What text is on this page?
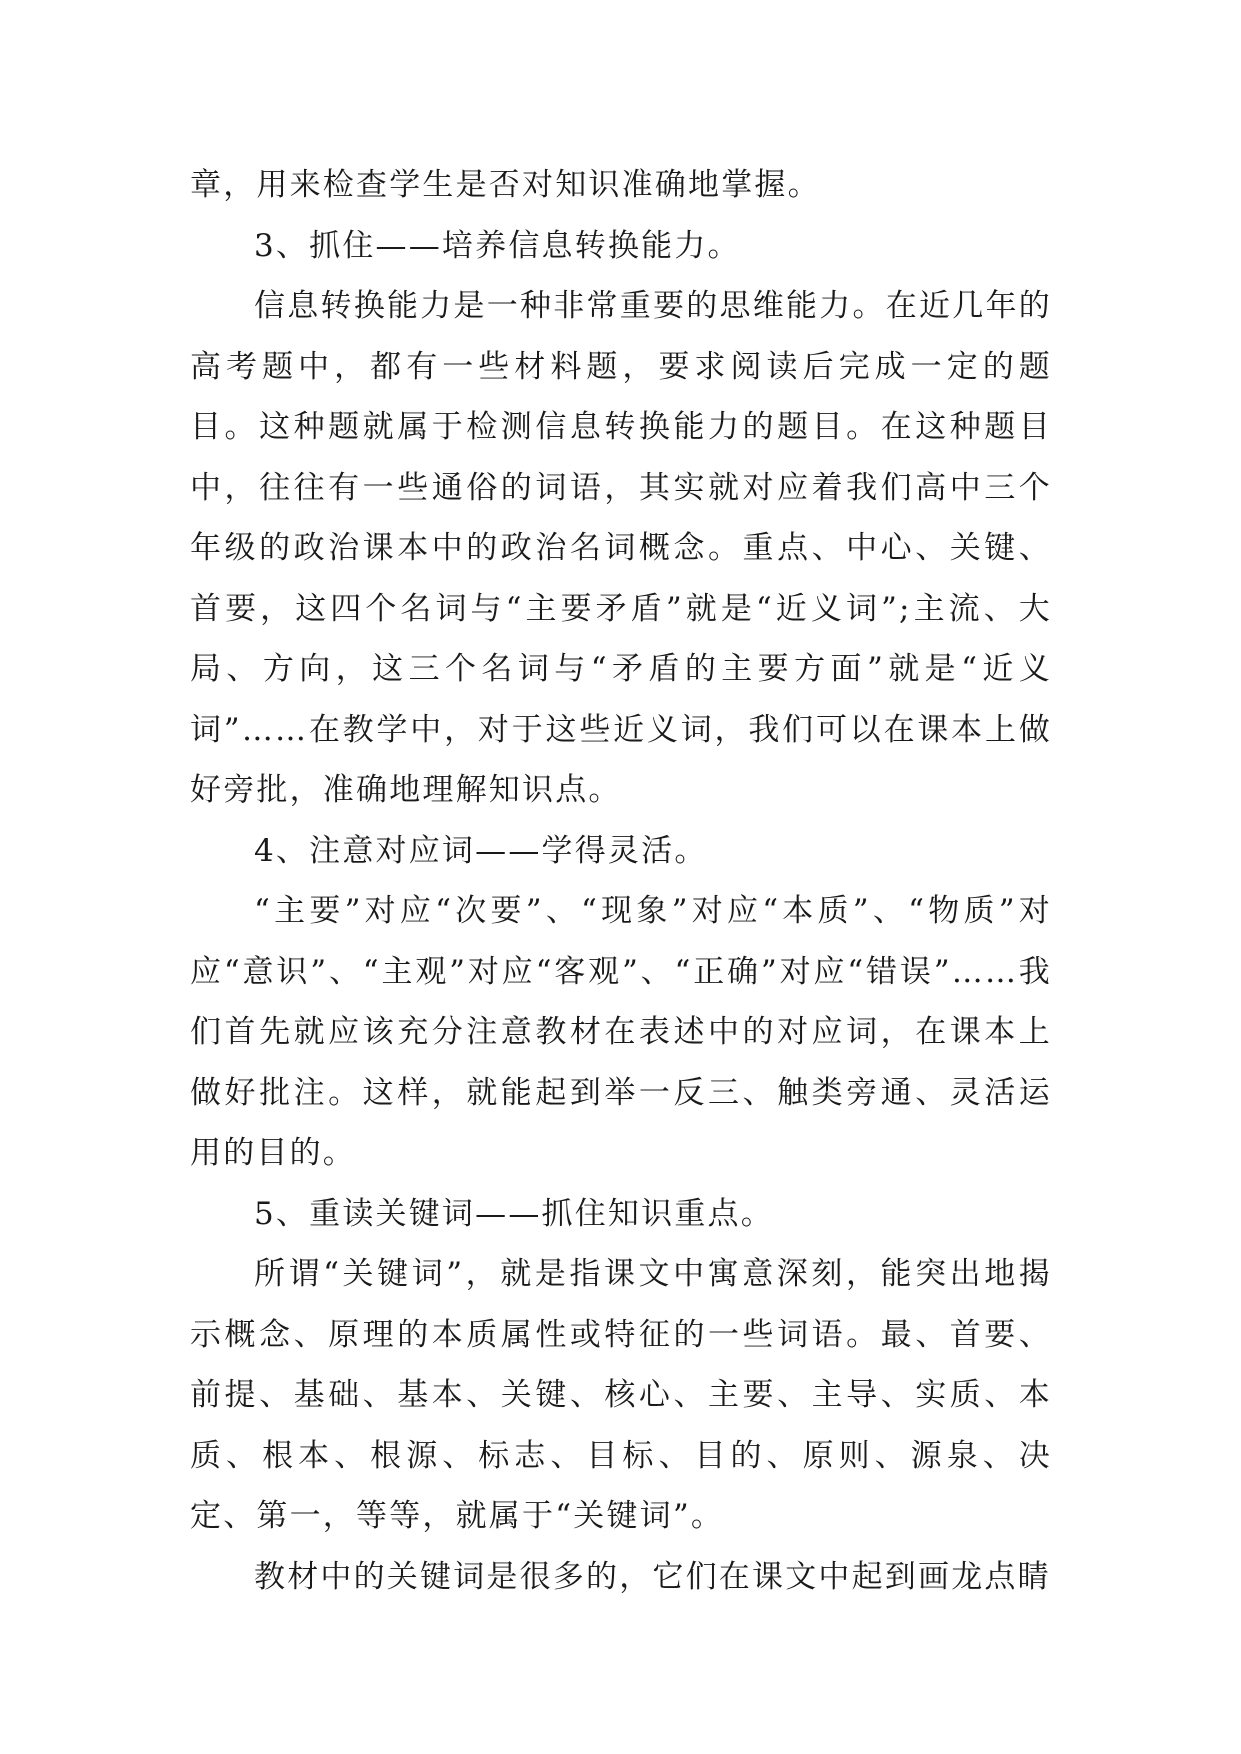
章，用来检查学生是否对知识准确地掌握。

3、抓住——培养信息转换能力。

信息转换能力是一种非常重要的思维能力。在近几年的高考题中，都有一些材料题，要求阅读后完成一定的题目。这种题就属于检测信息转换能力的题目。在这种题目中，往往有一些通俗的词语，其实就对应着我们高中三个年级的政治课本中的政治名词概念。重点、中心、关键、首要，这四个名词与“主要矛盾”就是“近义词”;主流、大局、方向，这三个名词与“矛盾的主要方面”就是“近义词”……在教学中，对于这些近义词，我们可以在课本上做好旁批，准确地理解知识点。

4、注意对应词——学得灵活。

“主要”对应“次要”、“现象”对应“本质”、“物质”对应“意识”、“主观”对应“客观”、“正确”对应“错误”……我们首先就应该充分注意教材在表述中的对应词，在课本上做好批注。这样，就能起到举一反三、触类旁通、灵活运用的目的。

5、重读关键词——抓住知识重点。

所谓“关键词”，就是指课文中寓意深刻，能突出地揭示概念、原理的本质属性或特征的一些词语。最、首要、前提、基础、基本、关键、核心、主要、主导、实质、本质、根本、根源、标志、目标、目的、原则、源泉、决定、第一，等等，就属于“关键词”。

教材中的关键词是很多的，它们在课文中起到画龙点睛
